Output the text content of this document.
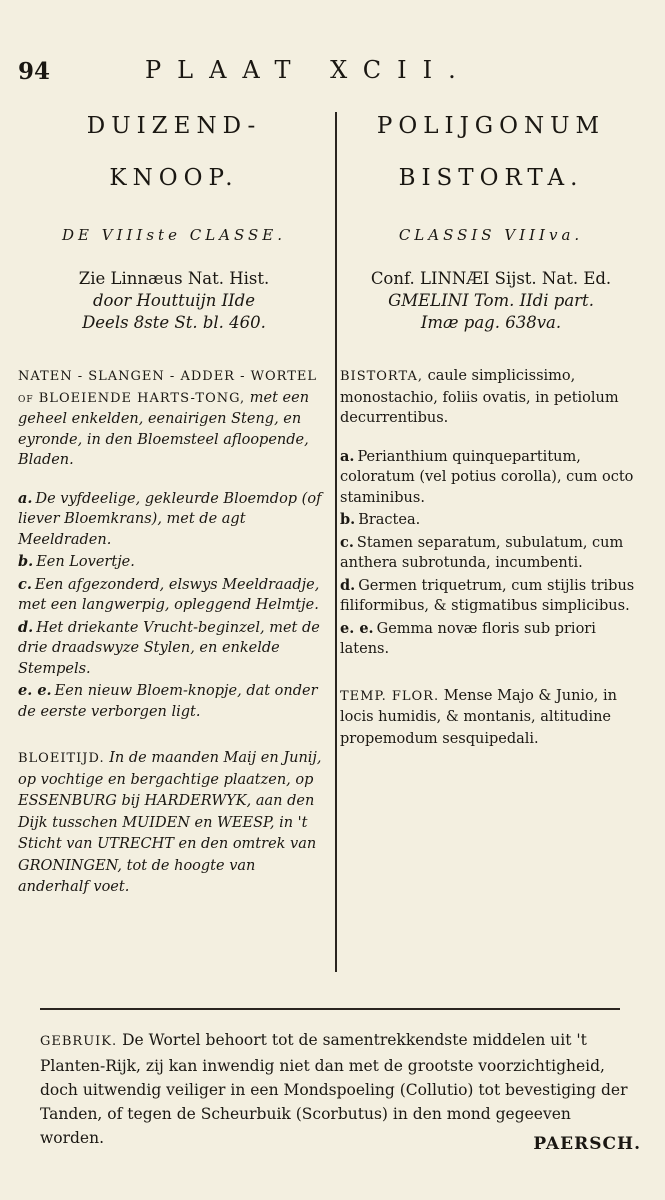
94	PLAAT XCII.
DUIZEND-
KNOOP.
DE VIIIste CLASSE.
Zie Linnæus Nat. Hist.
door Houttuijn IIde
Deels 8ste St. bl. 460.
NATEN - SLANGEN - ADDER - WORTEL of BLOEIENDE HARTS-TONG, met een geheel enkelden, eenairigen Steng, en eyronde, in den Bloemsteel afloopende, Bladen.
a. De vyfdeelige, gekleurde Bloemdop (of liever Bloemkrans), met de agt Meeldraden.
b. Een Lovertje.
c. Een afgezonderd, elswys Meeldraadje, met een langwerpig, opleggend Helmtje.
d. Het driekante Vrucht-beginzel, met de drie draadswyze Stylen, en enkelde Stempels.
e. e. Een nieuw Bloem-knopje, dat onder de eerste verborgen ligt.
BLOEITIJD. In de maanden Maij en Junij, op vochtige en bergachtige plaatzen, op ESSENBURG bij HARDERWYK, aan den Dijk tusschen MUIDEN en WEESP, in 't Sticht van UTRECHT en den omtrek van GRONINGEN, tot de hoogte van anderhalf voet.
POLIJGONUM
BISTORTA.
CLASSIS VIIIva.
Conf. LINNÆI Sijst. Nat. Ed.
GMELINI Tom. IIdi part.
Imæ pag. 638va.
BISTORTA, caule simplicissimo, monostachio, foliis ovatis, in petiolum decurrentibus.
a. Perianthium quinquepartitum, coloratum (vel potius corolla), cum octo staminibus.
b. Bractea.
c. Stamen separatum, subulatum, cum anthera subrotunda, incumbenti.
d. Germen triquetrum, cum stijlis tribus filiformibus, & stigmatibus simplicibus.
e. e. Gemma novæ floris sub priori latens.
TEMP. FLOR. Mense Majo & Junio, in locis humidis, & montanis, altitudine propemodum sesquipedali.
GEBRUIK. De Wortel behoort tot de samentrekkendste middelen uit 't Planten-Rijk, zij kan inwendig niet dan met de grootste voorzichtigheid, doch uitwendig veiliger in een Mondspoeling (Collutio) tot bevestiging der Tanden, of tegen de Scheurbuik (Scorbutus) in den mond gegeeven worden.	PAERSCH.
